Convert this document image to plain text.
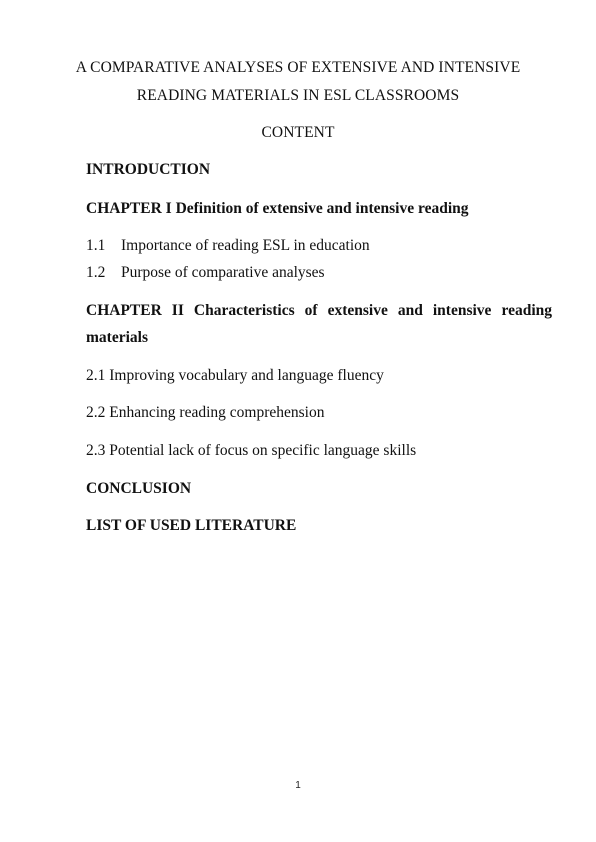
A COMPARATIVE ANALYSES OF EXTENSIVE AND INTENSIVE
READING MATERIALS IN ESL CLASSROOMS
CONTENT
INTRODUCTION
CHAPTER I Definition of extensive and intensive reading
1.1 Importance of reading ESL in education
1.2 Purpose of comparative analyses
CHAPTER II Characteristics of extensive and intensive reading
materials
2.1 Improving vocabulary and language fluency
2.2 Enhancing reading comprehension
2.3 Potential lack of focus on specific language skills
CONCLUSION
LIST OF USED LITERATURE
1
